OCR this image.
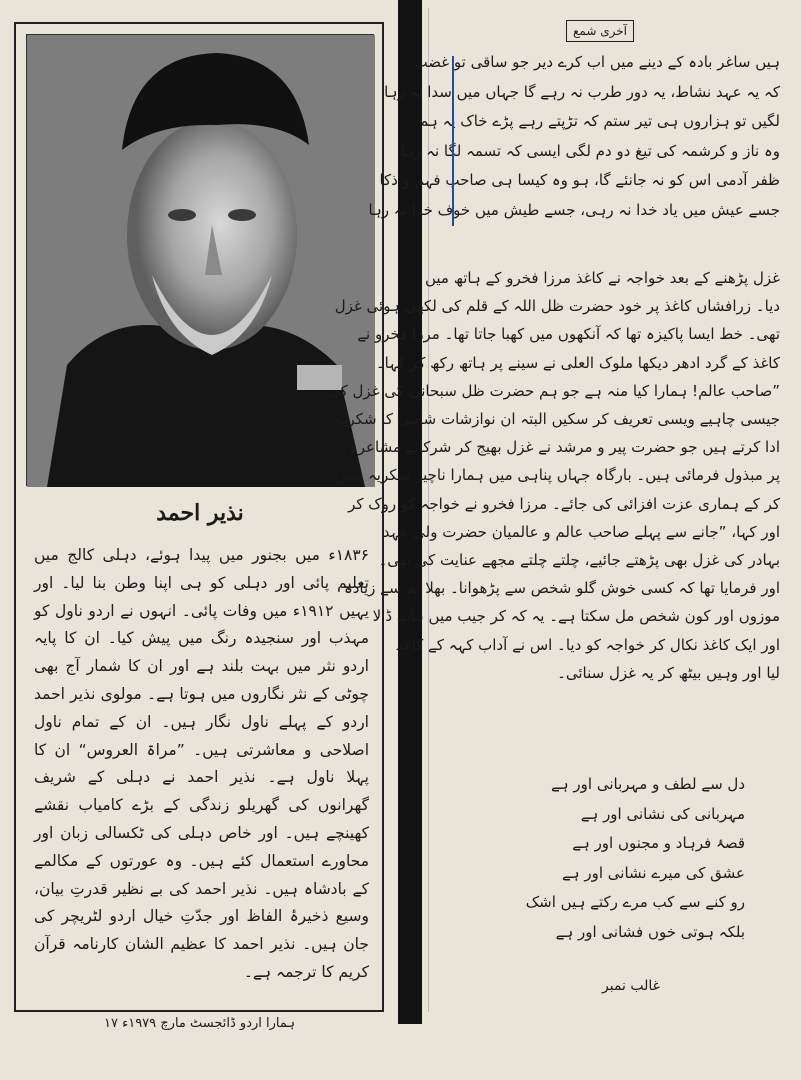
نذیر احمد

۱۸۳۶ء میں بجنور میں پیدا ہوئے، دہلی کالج میں تعلیم پائی اور دہلی کو ہی اپنا وطن بنا لیا۔ اور یہیں ۱۹۱۲ء میں وفات پائی۔ انہوں نے اردو ناول کو مہذب اور سنجیدہ رنگ میں پیش کیا۔ ان کا پایہ اردو نثر میں بہت بلند ہے اور ان کا شمار آج بھی چوٹی کے نثر نگاروں میں ہوتا ہے۔ مولوی نذیر احمد اردو کے پہلے ناول نگار ہیں۔ ان کے تمام ناول اصلاحی و معاشرتی ہیں۔ ”مراۃ العروس“ ان کا پہلا ناول ہے۔ نذیر احمد نے دہلی کے شریف گھرانوں کی گھریلو زندگی کے بڑے کامیاب نقشے کھینچے ہیں۔ اور خاص دہلی کی ٹکسالی زبان اور محاورے استعمال کئے ہیں۔ وہ عورتوں کے مکالمے کے بادشاہ ہیں۔ نذیر احمد کی بے نظیر قدرتِ بیان، وسیع ذخیرۂ الفاظ اور جدّتِ خیال اردو لٹریچر کی جان ہیں۔ نذیر احمد کا عظیم الشان کارنامہ قرآن کریم کا ترجمہ ہے۔

ہمارا اردو ڈائجسٹ مارچ ۱۹۷۹ء ۱۷
آخری شمع
ہیں ساغر بادہ کے دینے میں اب کرے دیر جو ساقی تو غضب
کہ یہ عہد نشاط، یہ دور طرب نہ رہے گا جہاں میں سدا نہ رہا
لگیں تو ہزاروں ہی تیر ستم کہ تڑپتے رہے پڑے خاک پہ ہم
وہ ناز و کرشمہ کی تیغ دو دم لگی ایسی کہ تسمہ لگا نہ رہا
ظفر آدمی اس کو نہ جانئے گا، ہو وہ کیسا ہی صاحب فہم و ذکا
جسے عیش میں یاد خدا نہ رہی، جسے طیش میں خوف خدا نہ رہا
غزل پڑھنے کے بعد خواجہ نے کاغذ مرزا فخرو کے ہاتھ میں
دیا۔ زرافشاں کاغذ پر خود حضرت ظل اللہ کے قلم کی لکھی ہوئی غزل
تھی۔ خط ایسا پاکیزہ تھا کہ آنکھوں میں کھبا جاتا تھا۔ مرزا فخرو نے
کاغذ کے گرد ادھر دیکھا ملوک العلی نے سینے پر ہاتھ رکھ کر کہا۔
”صاحب عالم! ہمارا کیا منہ ہے جو ہم حضرت ظل سبحانی کی غزل کی
جیسی چاہیے ویسی تعریف کر سکیں البتہ ان نوازشات شاہی کا شکریہ
ادا کرتے ہیں جو حضرت پیر و مرشد نے غزل بھیج کر شرکائے مشاعرہ
پر مبذول فرمائی ہیں۔ بارگاہ جہاں پناہی میں ہمارا ناچیز شکریہ پیش
کر کے ہماری عزت افزائی کی جائے۔ مرزا فخرو نے خواجہ کو روک کر
اور کہا، ”جانے سے پہلے صاحب عالم و عالمیان حضرت ولی عہد
بہادر کی غزل بھی پڑھتے جائیے، چلتے چلتے مجھے عنایت کی تھی۔
اور فرمایا تھا کہ کسی خوش گلو شخص سے پڑھوانا۔ بھلا تم سے زیادہ
موزوں اور کون شخص مل سکتا ہے۔ یہ کہ کر جیب میں ہاتھ ڈالا
اور ایک کاغذ نکال کر خواجہ کو دیا۔ اس نے آداب کہہ کے کاغذ
لیا اور وہیں بیٹھ کر یہ غزل سنائی۔
دل سے لطف و مہربانی اور ہے
مہربانی کی نشانی اور ہے
قصۂ فرہاد و مجنوں اور ہے
عشق کی میرے نشانی اور ہے
رو کنے سے کب مرے رکتے ہیں اشک
بلکہ ہوتی خوں فشانی اور ہے
غالب نمبر
